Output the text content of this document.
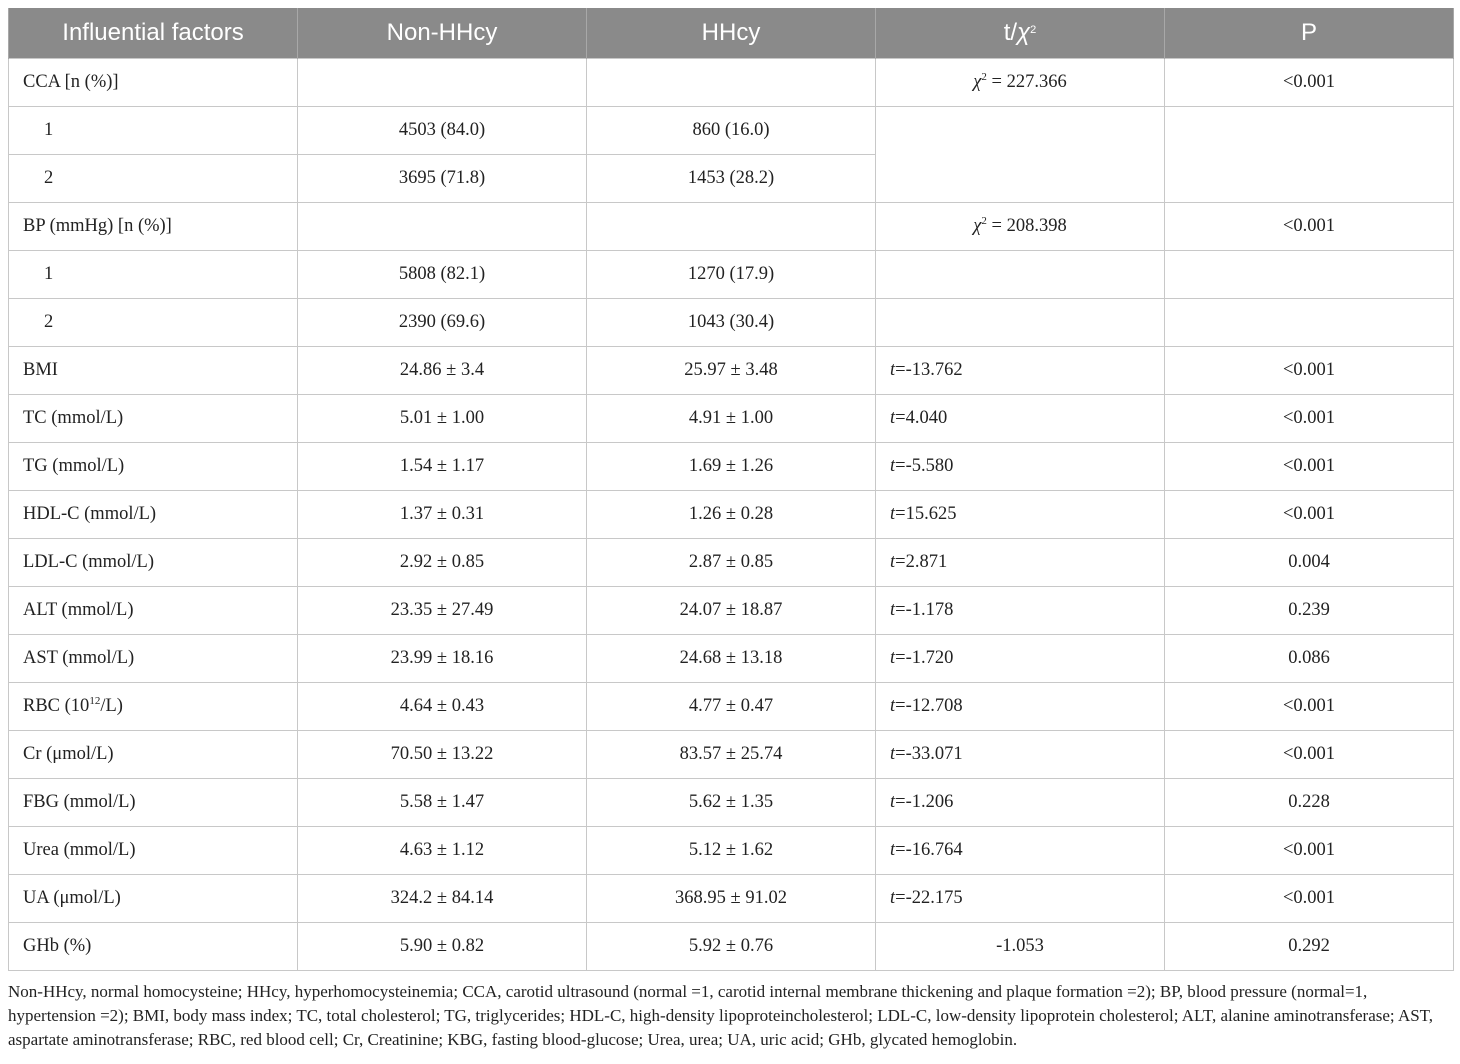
Influential factors	Non-HHcy	HHcy	$t/\chi^2$	P
CCA [n (%)]			$\chi^2 = 227.366$	<0.001
1	4503 (84.0)	860 (16.0)		
2	3695 (71.8)	1453 (28.2)		
BP (mmHg) [n (%)]			$\chi^2 = 208.398$	<0.001
1	5808 (82.1)	1270 (17.9)		
2	2390 (69.6)	1043 (30.4)		
BMI	24.86 ± 3.4	25.97 ± 3.48	t=-13.762	<0.001
TC (mmol/L)	5.01 ± 1.00	4.91 ± 1.00	t=4.040	<0.001
TG (mmol/L)	1.54 ± 1.17	1.69 ± 1.26	t=-5.580	<0.001
HDL-C (mmol/L)	1.37 ± 0.31	1.26 ± 0.28	t=15.625	<0.001
LDL-C (mmol/L)	2.92 ± 0.85	2.87 ± 0.85	t=2.871	0.004
ALT (mmol/L)	23.35 ± 27.49	24.07 ± 18.87	t=-1.178	0.239
AST (mmol/L)	23.99 ± 18.16	24.68 ± 13.18	t=-1.720	0.086
RBC $(10^{12}/L)$	4.64 ± 0.43	4.77 ± 0.47	t=-12.708	<0.001
Cr (μmol/L)	70.50 ± 13.22	83.57 ± 25.74	t=-33.071	<0.001
FBG (mmol/L)	5.58 ± 1.47	5.62 ± 1.35	t=-1.206	0.228
Urea (mmol/L)	4.63 ± 1.12	5.12 ± 1.62	t=-16.764	<0.001
UA (μmol/L)	324.2 ± 84.14	368.95 ± 91.02	t=-22.175	<0.001
GHb (%)	5.90 ± 0.82	5.92 ± 0.76	-1.053	0.292
Non-HHcy, normal homocysteine; HHcy, hyperhomocysteinemia; CCA, carotid ultrasound (normal =1, carotid internal membrane thickening and plaque formation =2); BP, blood pressure (normal=1, hypertension =2); BMI, body mass index; TC, total cholesterol; TG, triglycerides; HDL-C, high-density lipoproteincholesterol; LDL-C, low-density lipoprotein cholesterol; ALT, alanine aminotransferase; AST, aspartate aminotransferase; RBC, red blood cell; Cr, Creatinine; KBG, fasting blood-glucose; Urea, urea; UA, uric acid; GHb, glycated hemoglobin.
